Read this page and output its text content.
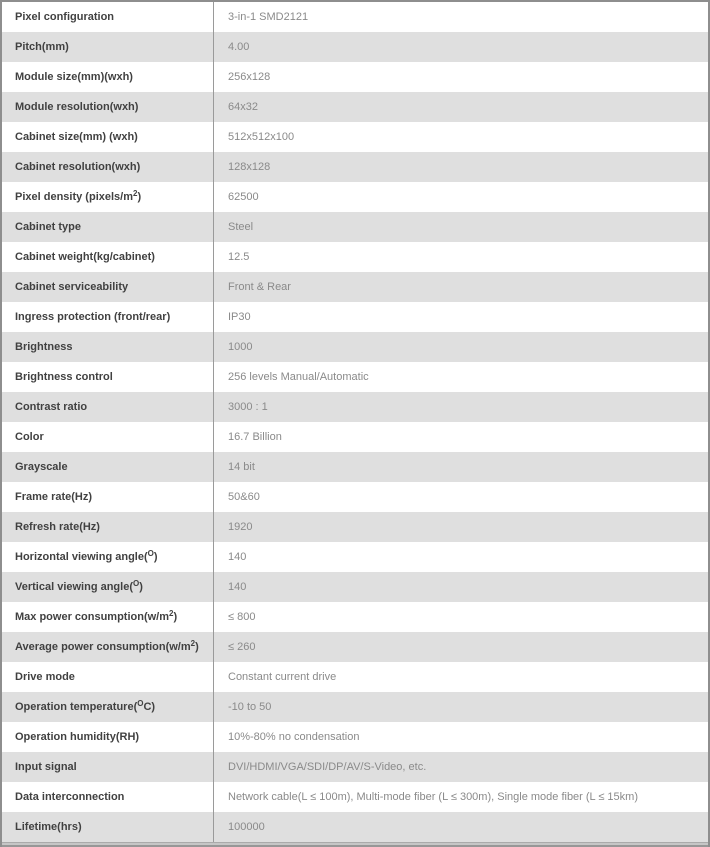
Pixel configuration	3-in-1 SMD2121
Pitch(mm)	4.00
Module size(mm)(wxh)	256x128
Module resolution(wxh)	64x32
Cabinet size(mm) (wxh)	512x512x100
Cabinet resolution(wxh)	128x128
Pixel density ($pixels/m^2$ )	62500
Cabinet type	Steel
Cabinet weight(kg/cabinet)	12.5
Cabinet serviceability	Front & Rear
Ingress protection (front/rear)	IP30
Brightness	1000
Brightness control	256 levels Manual/Automatic
Contrast ratio	3000 : 1
Color	16.7 Billion
Grayscale	14 bit
Frame rate(Hz)	50&60
Refresh rate(Hz)	1920
Horizontal viewing angle($^O$ )	140
Vertical viewing angle($^O$ )	140
Max power $consumption(w/m^2$ )	≤ 800
Average power $consumption(w/m^2$ )	≤ 260
Drive mode	Constant current drive
Operation temperature($^O$ C)	-10 to 50
Operation humidity(RH)	10%-80% no condensation
Input signal	DVI/HDMI/VGA/SDI/DP/AV/S-Video, etc.
Data interconnection	Network cable(L ≤ 100m), Multi-mode fiber (L ≤ 300m), Single mode fiber (L ≤ 15km)
Lifetime(hrs)	100000
